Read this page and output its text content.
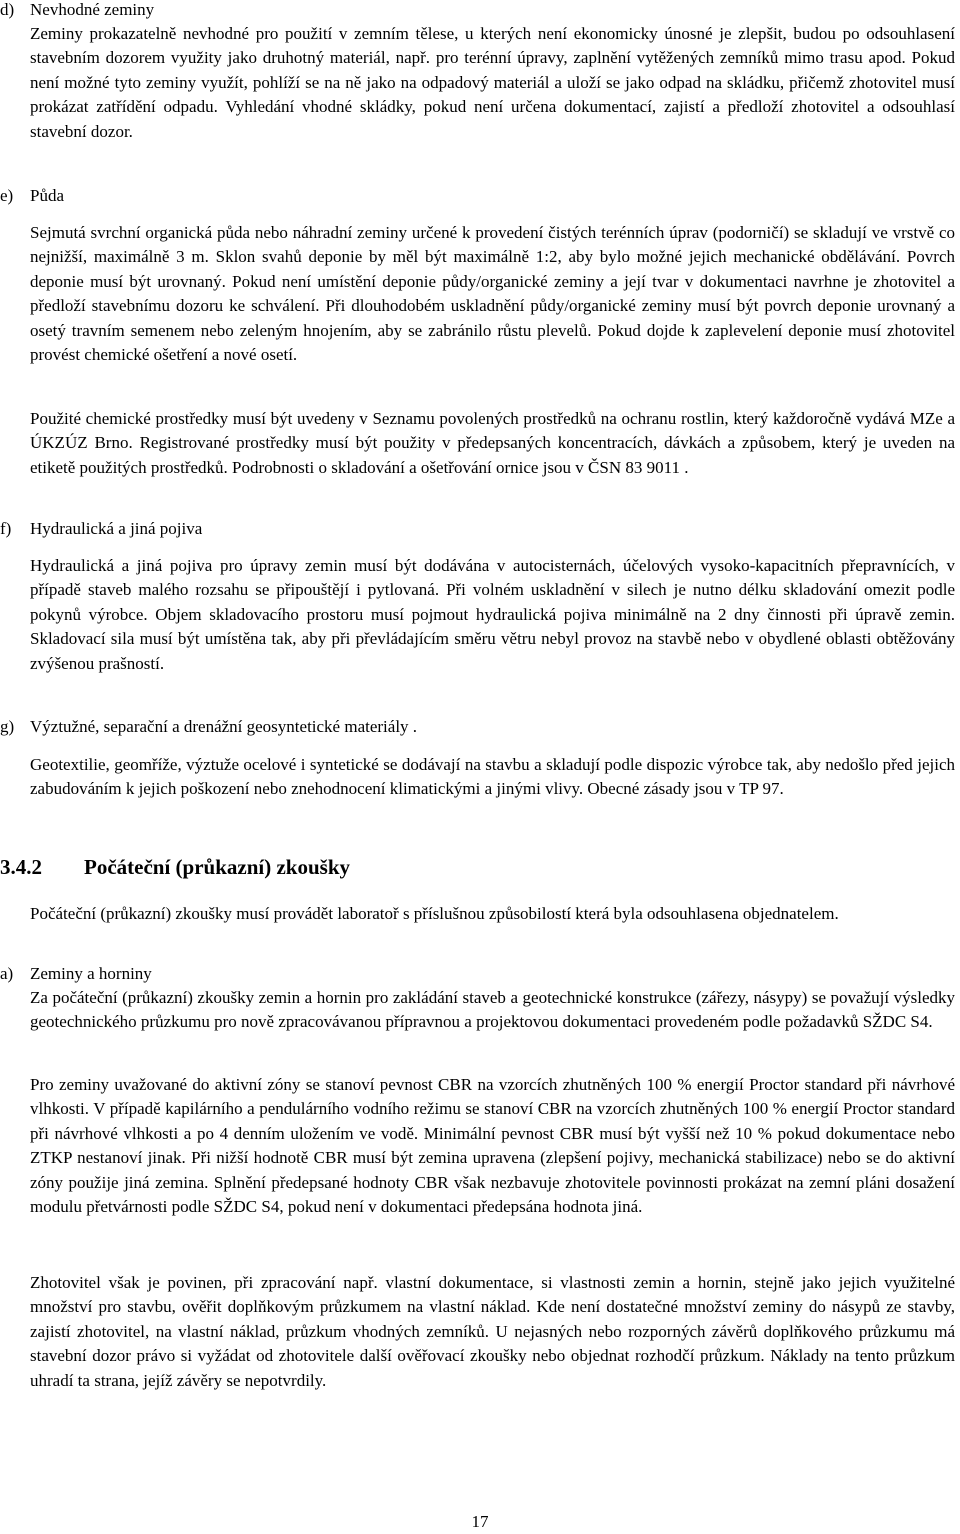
d) Nevhodné zeminy

Zeminy prokazatelně nevhodné pro použití v zemním tělese, u kterých není ekonomicky únosné je zlepšit, budou po odsouhlasení stavebním dozorem využity jako druhotný materiál, např. pro terénní úpravy, zaplnění vytěžených zemníků mimo trasu apod. Pokud není možné tyto zeminy využít, pohlíží se na ně jako na odpadový materiál a uloží se jako odpad na skládku, přičemž zhotovitel musí prokázat zatřídění odpadu. Vyhledání vhodné skládky, pokud není určena dokumentací, zajistí a předloží zhotovitel a odsouhlasí stavební dozor.

e) Půda

Sejmutá svrchní organická půda nebo náhradní zeminy určené k provedení čistých terénních úprav (podorničí) se skladují ve vrstvě co nejnižší, maximálně 3 m. Sklon svahů deponie by měl být maximálně 1:2, aby bylo možné jejich mechanické obdělávání. Povrch deponie musí být urovnaný. Pokud není umístění deponie půdy/organické zeminy a její tvar v dokumentaci navrhne je zhotovitel a předloží stavebnímu dozoru ke schválení. Při dlouhodobém uskladnění půdy/organické zeminy musí být povrch deponie urovnaný a osetý travním semenem nebo zeleným hnojením, aby se zabránilo růstu plevelů. Pokud dojde k zaplevelení deponie musí zhotovitel provést chemické ošetření a nové osetí.

Použité chemické prostředky musí být uvedeny v Seznamu povolených prostředků na ochranu rostlin, který každoročně vydává MZe a ÚKZÚZ Brno. Registrované prostředky musí být použity v předepsaných koncentracích, dávkách a způsobem, který je uveden na etiketě použitých prostředků. Podrobnosti o skladování a ošetřování ornice jsou v ČSN 83 9011 .

f) Hydraulická a jiná pojiva

Hydraulická a jiná pojiva pro úpravy zemin musí být dodávána v autocisternách, účelových vysoko-kapacitních přepravnících, v případě staveb malého rozsahu se připouštějí i pytlovaná. Při volném uskladnění v silech je nutno délku skladování omezit podle pokynů výrobce. Objem skladovacího prostoru musí pojmout hydraulická pojiva minimálně na 2 dny činnosti při úpravě zemin. Skladovací sila musí být umístěna tak, aby při převládajícím směru větru nebyl provoz na stavbě nebo v obydlené oblasti obtěžovány zvýšenou prašností.

g) Výztužné, separační a drenážní geosyntetické materiály .

Geotextilie, geomříže, výztuže ocelové i syntetické se dodávají na stavbu a skladují podle dispozic výrobce tak, aby nedošlo před jejich zabudováním k jejich poškození nebo znehodnocení klimatickými a jinými vlivy. Obecné zásady jsou v TP 97.

3.4.2 Počáteční (průkazní) zkoušky

Počáteční (průkazní) zkoušky musí provádět laboratoř s příslušnou způsobilostí která byla odsouhlasena objednatelem.

a) Zeminy a horniny

Za počáteční (průkazní) zkoušky zemin a hornin pro zakládání staveb a geotechnické konstrukce (zářezy, násypy) se považují výsledky geotechnického průzkumu pro nově zpracovávanou přípravnou a projektovou dokumentaci provedeném podle požadavků SŽDC S4.

Pro zeminy uvažované do aktivní zóny se stanoví pevnost CBR na vzorcích zhutněných 100 % energií Proctor standard při návrhové vlhkosti. V případě kapilárního a pendulárního vodního režimu se stanoví CBR na vzorcích zhutněných 100 % energií Proctor standard při návrhové vlhkosti a po 4 denním uložením ve vodě. Minimální pevnost CBR musí být vyšší než 10 % pokud dokumentace nebo ZTKP nestanoví jinak. Při nižší hodnotě CBR musí být zemina upravena (zlepšení pojivy, mechanická stabilizace) nebo se do aktivní zóny použije jiná zemina. Splnění předepsané hodnoty CBR však nezbavuje zhotovitele povinnosti prokázat na zemní pláni dosažení modulu přetvárnosti podle SŽDC S4, pokud není v dokumentaci předepsána hodnota jiná.

Zhotovitel však je povinen, při zpracování např. vlastní dokumentace, si vlastnosti zemin a hornin, stejně jako jejich využitelné množství pro stavbu, ověřit doplňkovým průzkumem na vlastní náklad. Kde není dostatečné množství zeminy do násypů ze stavby, zajistí zhotovitel, na vlastní náklad, průzkum vhodných zemníků. U nejasných nebo rozporných závěrů doplňkového průzkumu má stavební dozor právo si vyžádat od zhotovitele další ověřovací zkoušky nebo objednat rozhodčí průzkum. Náklady na tento průzkum uhradí ta strana, jejíž závěry se nepotvrdily.

17
